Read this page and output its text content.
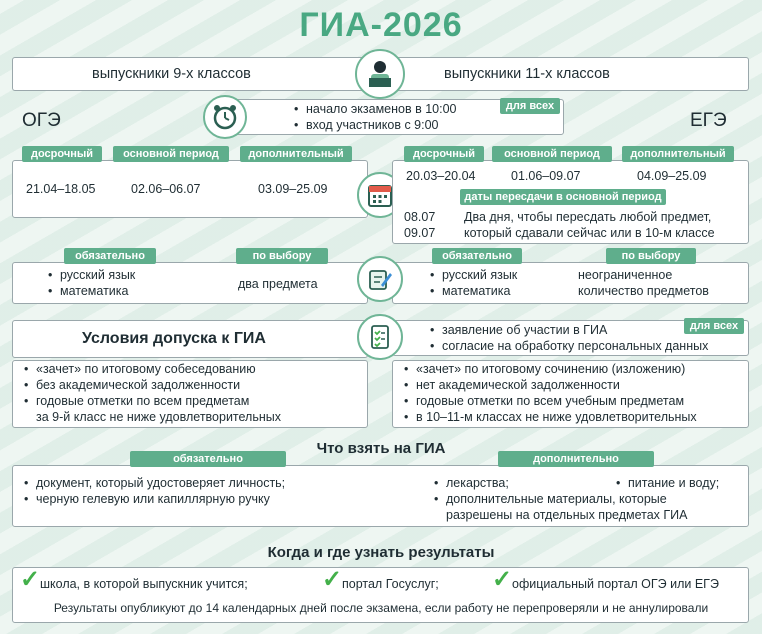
ГИА-2026
выпускники 9-х классов	выпускники 11-х классов
ОГЭ	ЕГЭ
• начало экзаменов в 10:00
• вход участников с 9:00
для всех
досрочный	основной период	дополнительный
21.04–18.05	02.06–06.07	03.09–25.09
досрочный	основной период	дополнительный
20.03–20.04	01.06–09.07	04.09–25.09
даты пересдачи в основной период
08.07
09.07
Два дня, чтобы пересдать любой предмет,
который сдавали сейчас или в 10-м классе
обязательно	по выбору	обязательно	по выбору
• русский язык
• математика	два предмета
• русский язык
• математика
неограниченное
количество предметов
Условия допуска к ГИА
•	заявление об участии в ГИА
• согласие на обработку персональных данных
для всех
• «зачет» по итоговому собеседованию
• без академической задолженности
• годовые отметки по всем предметам
за 9-й класс не ниже удовлетворительных
• «зачет» по итоговому сочинению (изложению)
• нет академической задолженности
• годовые отметки по всем учебным предметам
• в 10–11-м классах не ниже удовлетворительных
Что взять на ГИА
обязательно	дополнительно
• документ, который удостоверяет личность;
• черную гелевую или капиллярную ручку
• лекарства;
• дополнительные материалы, которые
разрешены на отдельных предметах ГИА
• питание и воду;
Когда и где узнать результаты
✓ школа, в которой выпускник учится;	✓ портал Госуслуг; ✓ официальный портал ОГЭ или ЕГЭ
Результаты опубликуют до 14 календарных дней после экзамена, если работу не перепроверяли и не аннулировали
